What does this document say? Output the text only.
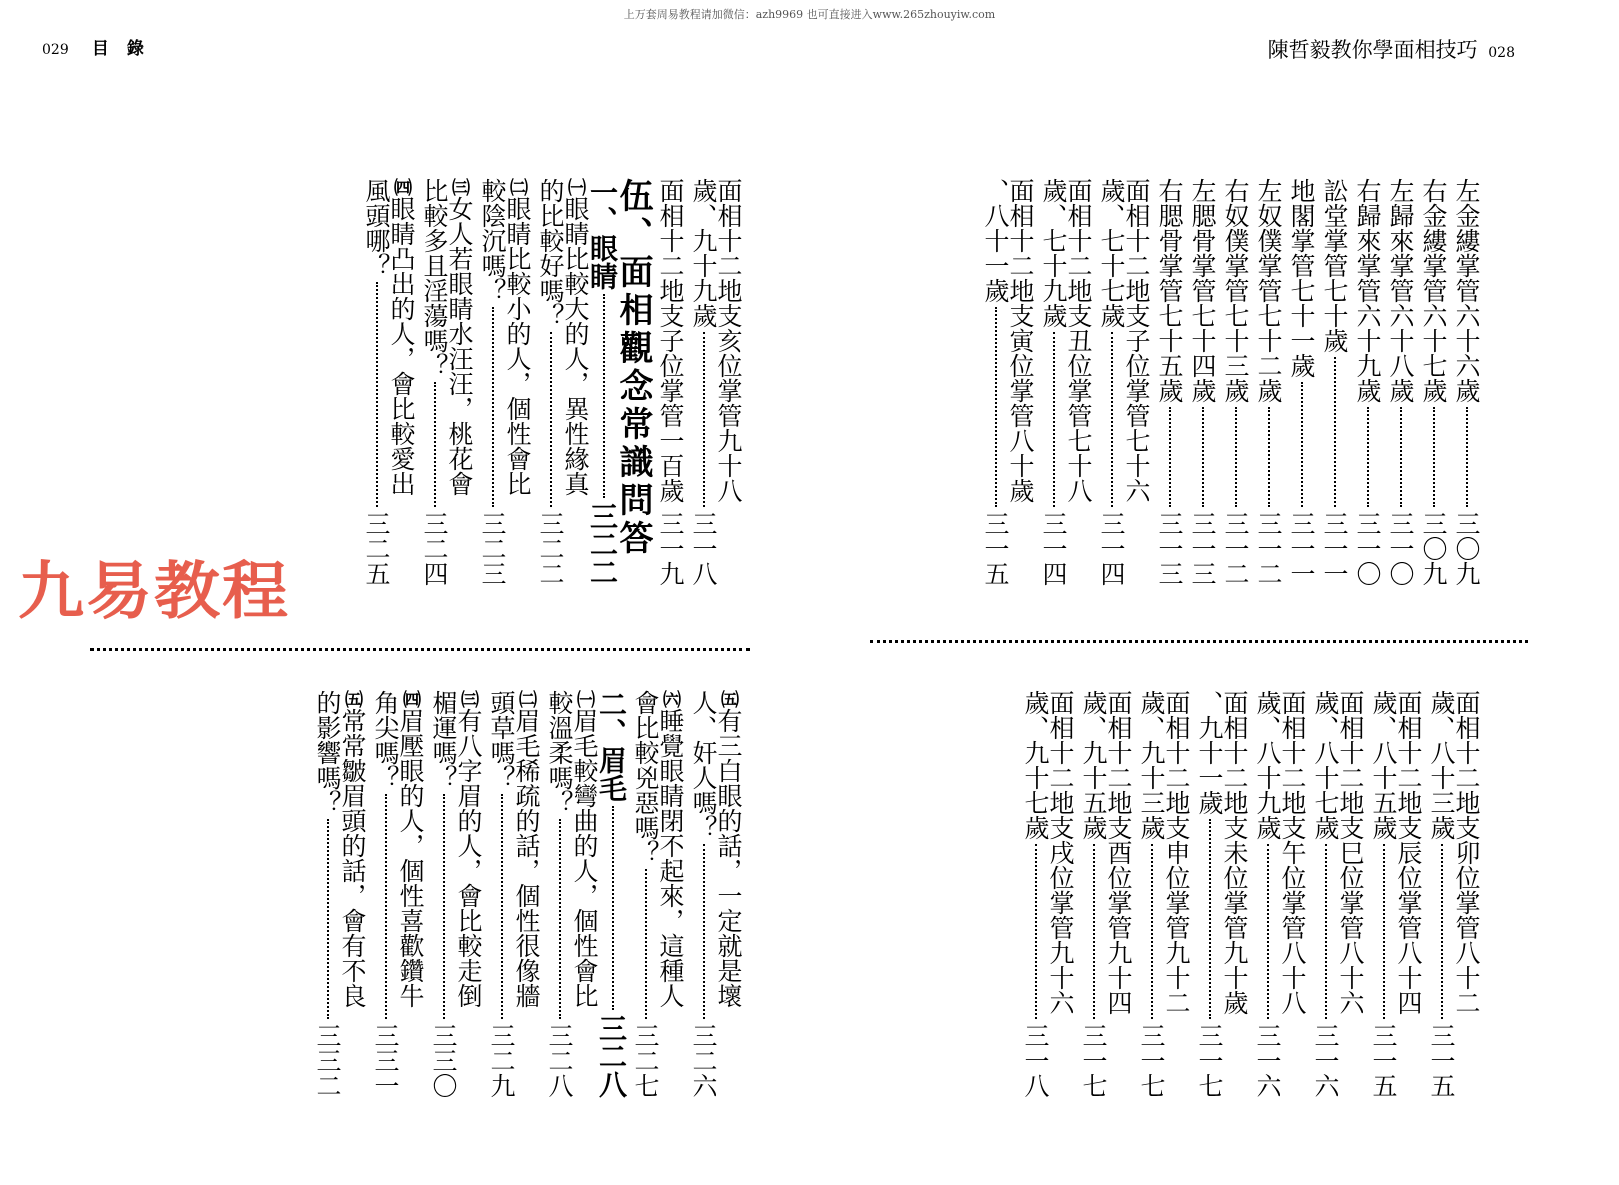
上万套周易教程请加微信：azh9969 也可直接进入www.265zhouyiw.com
029 目錄	陳哲毅教你學面相技巧 028
左金縷掌管六十六歲
三〇九
右金縷掌管六十七歲
三〇九
左歸來掌管六十八歲
三一〇
右歸來掌管六十九歲
三一〇
訟堂掌管七十歲
三一一
地閣掌管七十一歲
三一一
左奴僕掌管七十二歲
三一二
右奴僕掌管七十三歲
三一二
左腮骨掌管七十四歲
三一三
右腮骨掌管七十五歲
三一三
面相十二地支子位掌管七十六
歲、七十七歲
三一四
面相十二地支丑位掌管七十八
歲、七十九歲
三一四
面相十二地支寅位掌管八十歲
、八十一歲
三一五
面相十二地支卯位掌管八十二
歲、八十三歲
三一五
面相十二地支辰位掌管八十四
歲、八十五歲
三一五
面相十二地支巳位掌管八十六
歲、八十七歲
三一六
面相十二地支午位掌管八十八
歲、八十九歲
三一六
面相十二地支未位掌管九十歲
、九十一歲
三一七
面相十二地支申位掌管九十二
歲、九十三歲
三一七
面相十二地支酉位掌管九十四
歲、九十五歲
三一七
面相十二地支戌位掌管九十六
歲、九十七歲
三一八
面相十二地支亥位掌管九十八
歲、九十九歲
三一八
面相十二地支子位掌管一百歲
三一九
伍、面相觀念常識問答
一、眼睛
三二二
㈠眼睛比較大的人，異性緣真
的比較好嗎？
三二二
㈡眼睛比較小的人，個性會比
較陰沉嗎？
三二三
㈢女人若眼睛水汪汪，桃花會
比較多且淫蕩嗎？
三二四
㈣眼睛凸出的人，會比較愛出
風頭哪？
三二五
㈤有三白眼的話，一定就是壞
人、奸人嗎？
三二六
㈥睡覺眼睛閉不起來，這種人
會比較兇惡嗎？
三二七
二、眉毛
三二八
㈠眉毛較彎曲的人，個性會比
較溫柔嗎？
三二八
㈡眉毛稀疏的話，個性很像牆
頭草嗎？
三二九
㈢有八字眉的人，會比較走倒
楣運嗎？
三三〇
㈣眉壓眼的人，個性喜歡鑽牛
角尖嗎？
三三一
㈤常常皺眉頭的話，會有不良
的影響嗎？
三三二
九易教程
